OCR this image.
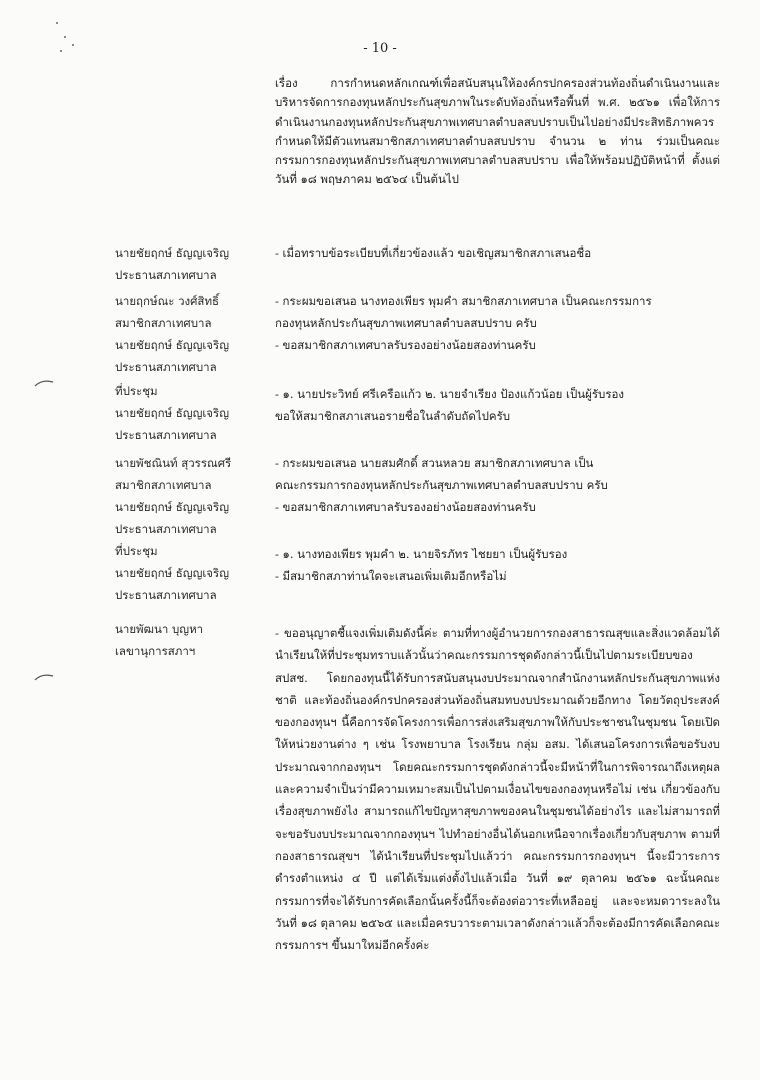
- 10 -
เรื่อง การกำหนดหลักเกณฑ์เพื่อสนับสนุนให้องค์กรปกครองส่วนท้องถิ่นดำเนินงานและบริหารจัดการกองทุนหลักประกันสุขภาพในระดับท้องถิ่นหรือพื้นที่ พ.ศ. ๒๕๖๑ เพื่อให้การดำเนินงานกองทุนหลักประกันสุขภาพเทศบาลตำบลสบปราบเป็นไปอย่างมีประสิทธิภาพควรกำหนดให้มีตัวแทนสมาชิกสภาเทศบาลตำบลสบปราบ จำนวน ๒ ท่าน ร่วมเป็นคณะกรรมการกองทุนหลักประกันสุขภาพเทศบาลตำบลสบปราบ เพื่อให้พร้อมปฏิบัติหน้าที่ ตั้งแต่วันที่ ๑๘ พฤษภาคม ๒๕๖๔ เป็นต้นไป
นายชัยฤกษ์ ธัญญเจริญ
ประธานสภาเทศบาล
- เมื่อทราบข้อระเบียบที่เกี่ยวข้องแล้ว ขอเชิญสมาชิกสภาเสนอชื่อ
นายฤกษ์ณะ วงศ์สิทธิ์
สมาชิกสภาเทศบาล
- กระผมขอเสนอ นางทองเพียร พุมคำ สมาชิกสภาเทศบาล เป็นคณะกรรมการ
กองทุนหลักประกันสุขภาพเทศบาลตำบลสบปราบ ครับ
นายชัยฤกษ์ ธัญญเจริญ
ประธานสภาเทศบาล
- ขอสมาชิกสภาเทศบาลรับรองอย่างน้อยสองท่านครับ
ที่ประชุม	- ๑. นายประวิทย์ ศรีเครือแก้ว ๒. นายจำเรียง ป้องแก้วน้อย เป็นผู้รับรอง
นายชัยฤกษ์ ธัญญเจริญ
ประธานสภาเทศบาล
ขอให้สมาชิกสภาเสนอรายชื่อในลำดับถัดไปครับ
นายพัชณินท์ สุวรรณศรี
สมาชิกสภาเทศบาล
- กระผมขอเสนอ นายสมศักดิ์ สวนหลวย สมาชิกสภาเทศบาล เป็น
คณะกรรมการกองทุนหลักประกันสุขภาพเทศบาลตำบลสบปราบ ครับ
นายชัยฤกษ์ ธัญญเจริญ
ประธานสภาเทศบาล
- ขอสมาชิกสภาเทศบาลรับรองอย่างน้อยสองท่านครับ
ที่ประชุม	- ๑. นางทองเพียร พุมคำ ๒. นายจิรภัทร ไชยยา เป็นผู้รับรอง
นายชัยฤกษ์ ธัญญเจริญ
ประธานสภาเทศบาล
- มีสมาชิกสภาท่านใดจะเสนอเพิ่มเติมอีกหรือไม่
นายพัฒนา บุญหา
เลขานุการสภาฯ
- ขออนุญาตชี้แจงเพิ่มเติมดังนี้ค่ะ ตามที่ทางผู้อำนวยการกองสาธารณสุขและสิ่งแวดล้อมได้นำเรียนให้ที่ประชุมทราบแล้วนั้นว่าคณะกรรมการชุดดังกล่าวนี้เป็นไปตามระเบียบของ สปสช. โดยกองทุนนี้ได้รับการสนับสนุนงบประมาณจากสำนักงานหลักประกันสุขภาพแห่งชาติ และท้องถิ่นองค์กรปกครองส่วนท้องถิ่นสมทบงบประมาณด้วยอีกทาง โดยวัตถุประสงค์ของกองทุนฯ นี้คือการจัดโครงการเพื่อการส่งเสริมสุขภาพให้กับประชาชนในชุมชน โดยเปิดให้หน่วยงานต่าง ๆ เช่น โรงพยาบาล โรงเรียน กลุ่ม อสม. ได้เสนอโครงการเพื่อขอรับงบประมาณจากกองทุนฯ โดยคณะกรรมการชุดดังกล่าวนี้จะมีหน้าที่ในการพิจารณาถึงเหตุผลและความจำเป็นว่ามีความเหมาะสมเป็นไปตามเงื่อนไขของกองทุนหรือไม่ เช่น เกี่ยวข้องกับเรื่องสุขภาพยังไง สามารถแก้ไขปัญหาสุขภาพของคนในชุมชนได้อย่างไร และไม่สามารถที่จะขอรับงบประมาณจากกองทุนฯ ไปทำอย่างอื่นได้นอกเหนือจากเรื่องเกี่ยวกับสุขภาพ ตามที่กองสาธารณสุขฯ ได้นำเรียนที่ประชุมไปแล้วว่า คณะกรรมการกองทุนฯ นี้จะมีวาระการดำรงตำแหน่ง ๔ ปี แต่ได้เริ่มแต่งตั้งไปแล้วเมื่อ วันที่ ๑๙ ตุลาคม ๒๕๖๑ ฉะนั้นคณะกรรมการที่จะได้รับการคัดเลือกนั้นครั้งนี้ก็จะต้องต่อวาระที่เหลืออยู่ และจะหมดวาระลงในวันที่ ๑๘ ตุลาคม ๒๕๖๕ และเมื่อครบวาระตามเวลาดังกล่าวแล้วก็จะต้องมีการคัดเลือกคณะกรรมการฯ ขึ้นมาใหม่อีกครั้งค่ะ
